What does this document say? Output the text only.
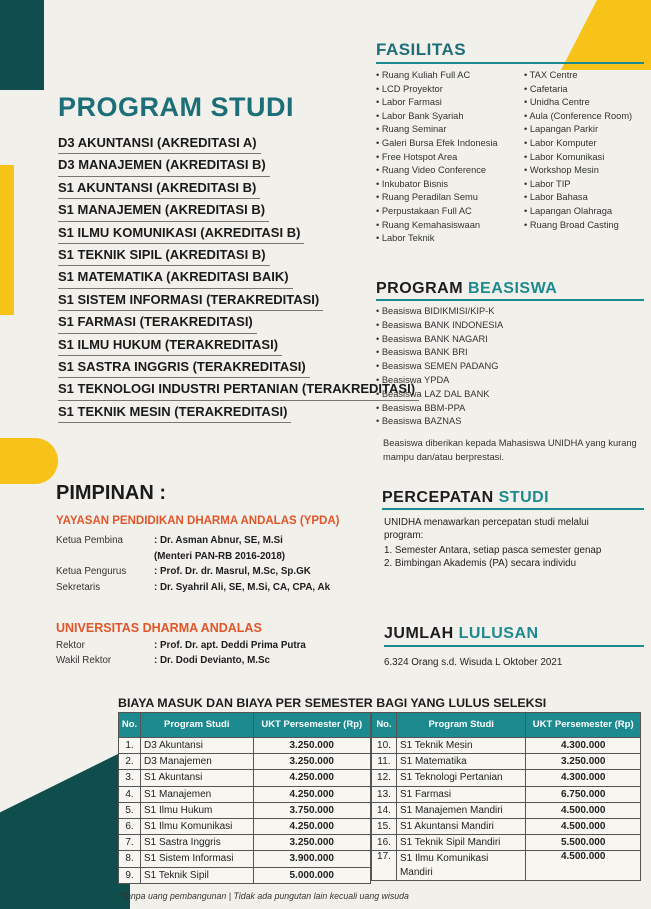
PROGRAM STUDI
D3 AKUNTANSI (AKREDITASI A)
D3 MANAJEMEN (AKREDITASI B)
S1 AKUNTANSI (AKREDITASI B)
S1 MANAJEMEN (AKREDITASI B)
S1 ILMU KOMUNIKASI (AKREDITASI B)
S1 TEKNIK SIPIL (AKREDITASI B)
S1 MATEMATIKA (AKREDITASI BAIK)
S1 SISTEM INFORMASI (TERAKREDITASI)
S1 FARMASI (TERAKREDITASI)
S1 ILMU HUKUM (TERAKREDITASI)
S1 SASTRA INGGRIS (TERAKREDITASI)
S1 TEKNOLOGI INDUSTRI PERTANIAN (TERAKREDITASI)
S1 TEKNIK MESIN (TERAKREDITASI)
FASILITAS
• Ruang Kuliah Full AC
• LCD Proyektor
• Labor Farmasi
• Labor Bank Syariah
• Ruang Seminar
• Galeri Bursa Efek Indonesia
• Free Hotspot Area
• Ruang Video Conference
• Inkubator Bisnis
• Ruang Peradilan Semu
• Perpustakaan Full AC
• Ruang Kemahasiswaan
• Labor Teknik
• TAX Centre
• Cafetaria
• Unidha Centre
• Aula (Conference Room)
• Lapangan Parkir
• Labor Komputer
• Labor Komunikasi
• Workshop Mesin
• Labor TIP
• Labor Bahasa
• Lapangan Olahraga
• Ruang Broad Casting
PROGRAM BEASISWA
• Beasiswa BIDIKMISI/KIP-K
• Beasiswa BANK INDONESIA
• Beasiswa BANK NAGARI
• Beasiswa BANK BRI
• Beasiswa SEMEN PADANG
• Beasiswa YPDA
• Beasiswa LAZ DAL BANK
• Beasiswa BBM-PPA
• Beasiswa BAZNAS
Beasiswa diberikan kepada Mahasiswa UNIDHA yang kurang mampu dan/atau berprestasi.
PIMPINAN :
YAYASAN PENDIDIKAN DHARMA ANDALAS (YPDA)
Ketua Pembina	: Dr. Asman Abnur, SE, M.Si
(Menteri PAN-RB 2016-2018)
Ketua Pengurus	: Prof. Dr. dr. Masrul, M.Sc, Sp.GK
Sekretaris	: Dr. Syahril Ali, SE, M.Si, CA, CPA, Ak
UNIVERSITAS DHARMA ANDALAS
Rektor	: Prof. Dr. apt. Deddi Prima Putra
Wakil Rektor	: Dr. Dodi Devianto, M.Sc
PERCEPATAN STUDI
UNIDHA menawarkan percepatan studi melalui program:
1. Semester Antara, setiap pasca semester genap
2. Bimbingan Akademis (PA) secara individu
JUMLAH LULUSAN
6.324 Orang s.d. Wisuda L Oktober 2021
BIAYA MASUK DAN BIAYA PER SEMESTER BAGI YANG LULUS SELEKSI
No.	Program Studi	UKT Persemester (Rp)
1.	D3 Akuntansi	3.250.000
2.	D3 Manajemen	3.250.000
3.	S1 Akuntansi	4.250.000
4.	S1 Manajemen	4.250.000
5.	S1 Ilmu Hukum	3.750.000
6.	S1 Ilmu Komunikasi	4.250.000
7.	S1 Sastra Inggris	3.250.000
8.	S1 Sistem Informasi	3.900.000
9.	S1 Teknik Sipil	5.000.000
No.	Program Studi	UKT Persemester (Rp)
10.	S1 Teknik Mesin	4.300.000
11.	S1 Matematika	3.250.000
12.	S1 Teknologi Pertanian	4.300.000
13.	S1 Farmasi	6.750.000
14.	S1 Manajemen Mandiri	4.500.000
15.	S1 Akuntansi Mandiri	4.500.000
16.	S1 Teknik Sipil Mandiri	5.500.000
17.	S1 Ilmu Komunikasi Mandiri	4.500.000
*Tanpa uang pembangunan | Tidak ada pungutan lain kecuali uang wisuda
